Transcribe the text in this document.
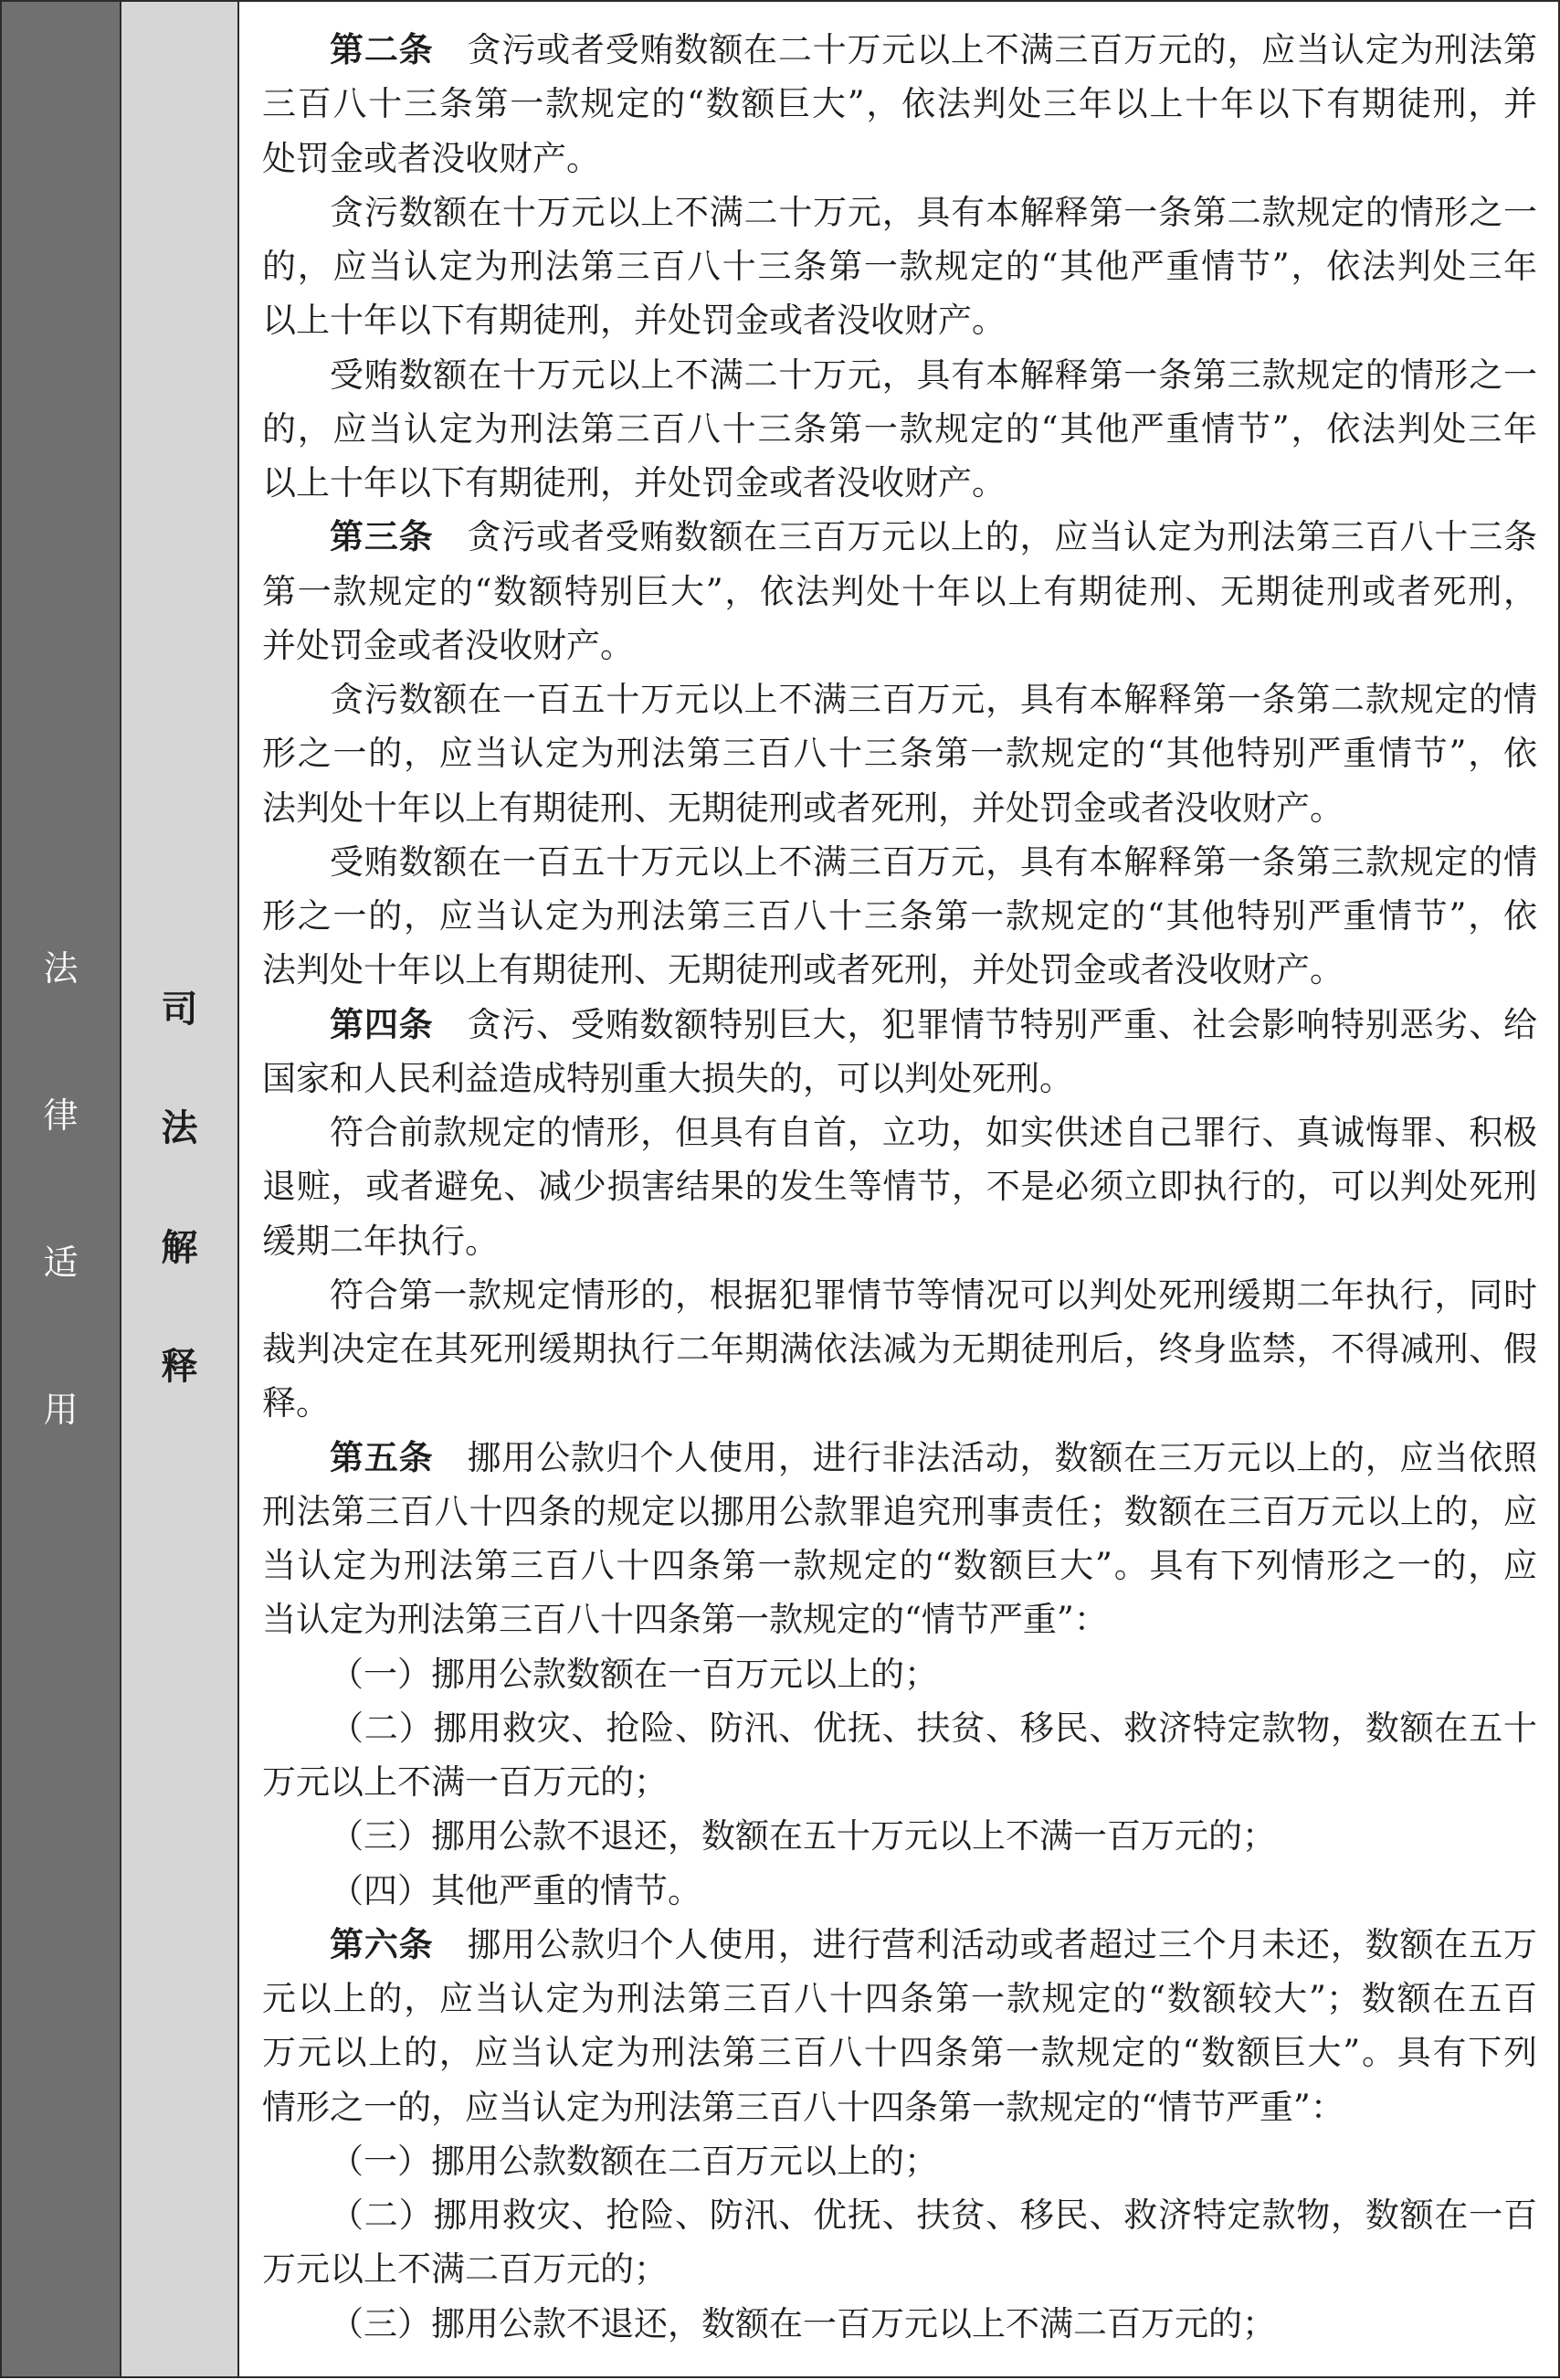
法律适用
司法解释
第二条 贪污或者受贿数额在二十万元以上不满三百万元的，应当认定为刑法第
三百八十三条第一款规定的“数额巨大”，依法判处三年以上十年以下有期徒刑，并
处罚金或者没收财产。
贪污数额在十万元以上不满二十万元，具有本解释第一条第二款规定的情形之一
的，应当认定为刑法第三百八十三条第一款规定的“其他严重情节”，依法判处三年
以上十年以下有期徒刑，并处罚金或者没收财产。
受贿数额在十万元以上不满二十万元，具有本解释第一条第三款规定的情形之一
的，应当认定为刑法第三百八十三条第一款规定的“其他严重情节”，依法判处三年
以上十年以下有期徒刑，并处罚金或者没收财产。
第三条 贪污或者受贿数额在三百万元以上的，应当认定为刑法第三百八十三条
第一款规定的“数额特别巨大”，依法判处十年以上有期徒刑、无期徒刑或者死刑，
并处罚金或者没收财产。
贪污数额在一百五十万元以上不满三百万元，具有本解释第一条第二款规定的情
形之一的，应当认定为刑法第三百八十三条第一款规定的“其他特别严重情节”，依
法判处十年以上有期徒刑、无期徒刑或者死刑，并处罚金或者没收财产。
受贿数额在一百五十万元以上不满三百万元，具有本解释第一条第三款规定的情
形之一的，应当认定为刑法第三百八十三条第一款规定的“其他特别严重情节”，依
法判处十年以上有期徒刑、无期徒刑或者死刑，并处罚金或者没收财产。
第四条 贪污、受贿数额特别巨大，犯罪情节特别严重、社会影响特别恶劣、给
国家和人民利益造成特别重大损失的，可以判处死刑。
符合前款规定的情形，但具有自首，立功，如实供述自己罪行、真诚悔罪、积极
退赃，或者避免、减少损害结果的发生等情节，不是必须立即执行的，可以判处死刑
缓期二年执行。
符合第一款规定情形的，根据犯罪情节等情况可以判处死刑缓期二年执行，同时
裁判决定在其死刑缓期执行二年期满依法减为无期徒刑后，终身监禁，不得减刑、假
释。
第五条 挪用公款归个人使用，进行非法活动，数额在三万元以上的，应当依照
刑法第三百八十四条的规定以挪用公款罪追究刑事责任；数额在三百万元以上的，应
当认定为刑法第三百八十四条第一款规定的“数额巨大”。具有下列情形之一的，应
当认定为刑法第三百八十四条第一款规定的“情节严重”：
（一）挪用公款数额在一百万元以上的；
（二）挪用救灾、抢险、防汛、优抚、扶贫、移民、救济特定款物，数额在五十
万元以上不满一百万元的；
（三）挪用公款不退还，数额在五十万元以上不满一百万元的；
（四）其他严重的情节。
第六条 挪用公款归个人使用，进行营利活动或者超过三个月未还，数额在五万
元以上的，应当认定为刑法第三百八十四条第一款规定的“数额较大”；数额在五百
万元以上的，应当认定为刑法第三百八十四条第一款规定的“数额巨大”。具有下列
情形之一的，应当认定为刑法第三百八十四条第一款规定的“情节严重”：
（一）挪用公款数额在二百万元以上的；
（二）挪用救灾、抢险、防汛、优抚、扶贫、移民、救济特定款物，数额在一百
万元以上不满二百万元的；
（三）挪用公款不退还，数额在一百万元以上不满二百万元的；
